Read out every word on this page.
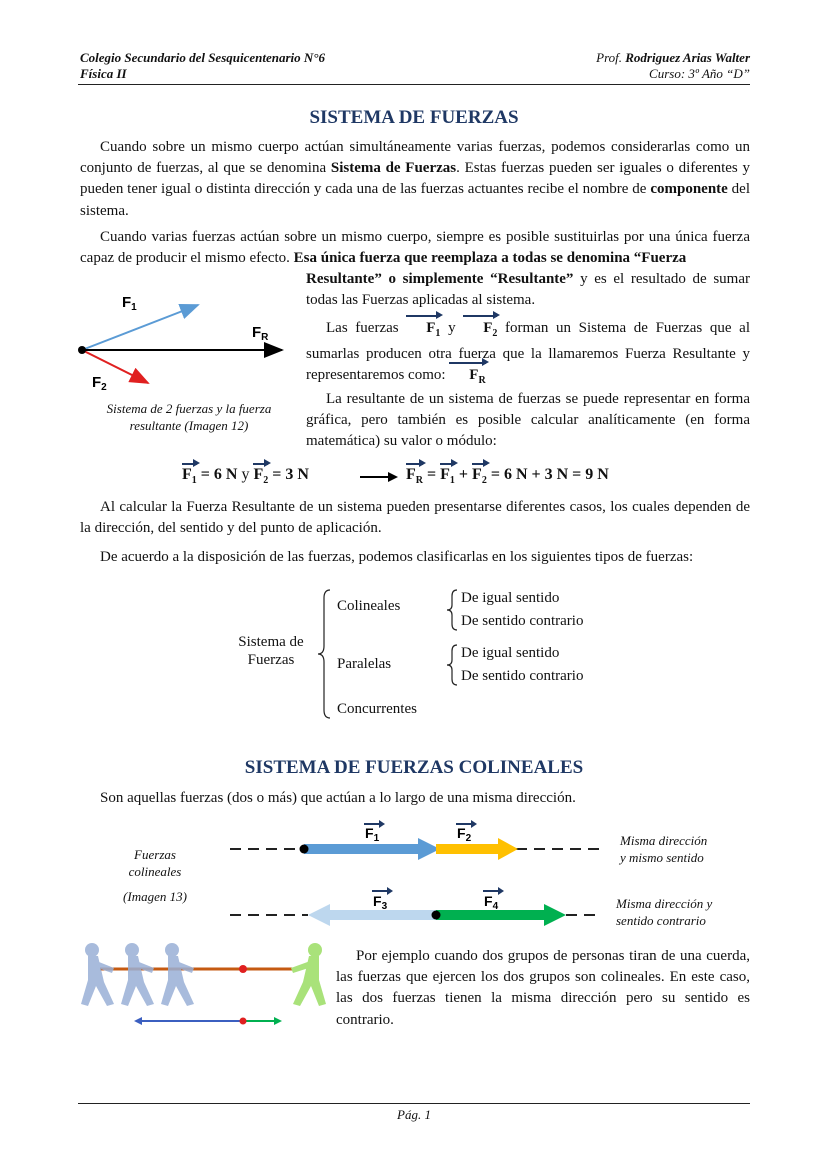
Colegio Secundario del Sesquicentenario N°6
Física II
Prof. Rodriguez Arias Walter
Curso: 3º Año “D”
SISTEMA DE FUERZAS
Cuando sobre un mismo cuerpo actúan simultáneamente varias fuerzas, podemos considerarlas como un conjunto de fuerzas, al que se denomina Sistema de Fuerzas. Estas fuerzas pueden ser iguales o diferentes y pueden tener igual o distinta dirección y cada una de las fuerzas actuantes recibe el nombre de componente del sistema.
Cuando varias fuerzas actúan sobre un mismo cuerpo, siempre es posible sustituirlas por una única fuerza capaz de producir el mismo efecto. Esa única fuerza que reemplaza a todas se denomina “Fuerza
Resultante” o simplemente “Resultante” y es el resultado de sumar todas las Fuerzas aplicadas al sistema.
Las fuerzas $F_1$ y $F_2$ forman un Sistema de Fuerzas que al sumarlas producen otra fuerza que la llamaremos Fuerza Resultante y representaremos como: $F_R$
La resultante de un sistema de fuerzas se puede representar en forma gráfica, pero también es posible calcular analíticamente (en forma matemática) su valor o módulo:
$F_1$
$F_R$
$F_2$
Sistema de 2 fuerzas y la fuerza resultante (Imagen 12)
$F_1 = 6$ N y $F_2 = 3$ N	$F_R = F_1 + F_2 = 6$ N + 3 N = 9 N
Al calcular la Fuerza Resultante de un sistema pueden presentarse diferentes casos, los cuales dependen de la dirección, del sentido y del punto de aplicación.
De acuerdo a la disposición de las fuerzas, podemos clasificarlas en los siguientes tipos de fuerzas:
Sistema de
Fuerzas
Colineales
Paralelas
Concurrentes
De igual sentido
De sentido contrario
De igual sentido
De sentido contrario
SISTEMA DE FUERZAS COLINEALES
Son aquellas fuerzas (dos o más) que actúan a lo largo de una misma dirección.
Fuerzas
colineales
(Imagen 13)
$F_1$	$F_2$
$F_3$	$F_4$
Misma dirección
y mismo sentido
Misma dirección y
sentido contrario
Por ejemplo cuando dos grupos de personas tiran de una cuerda, las fuerzas que ejercen los dos grupos son colineales. En este caso, las dos fuerzas tienen la misma dirección pero su sentido es contrario.
Pág. 1
